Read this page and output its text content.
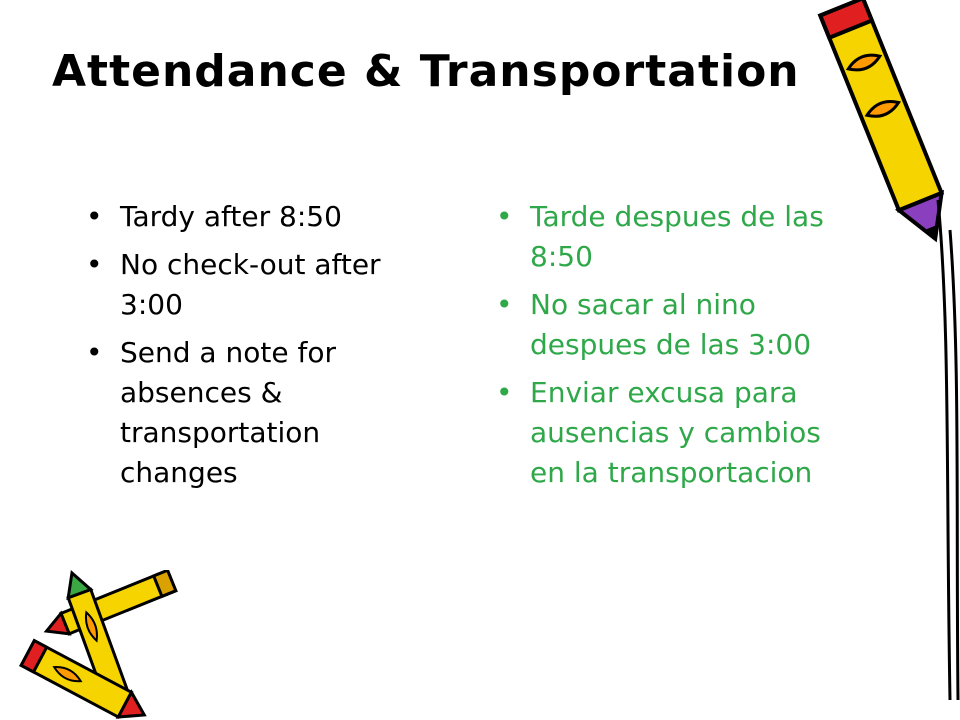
Attendance & Transportation
• Tardy after 8:50
• No check-out after 3:00
• Send a note for absences & transportation changes
• Tarde despues de las 8:50
• No sacar al nino despues de las 3:00
• Enviar excusa para ausencias y cambios en la transportacion
